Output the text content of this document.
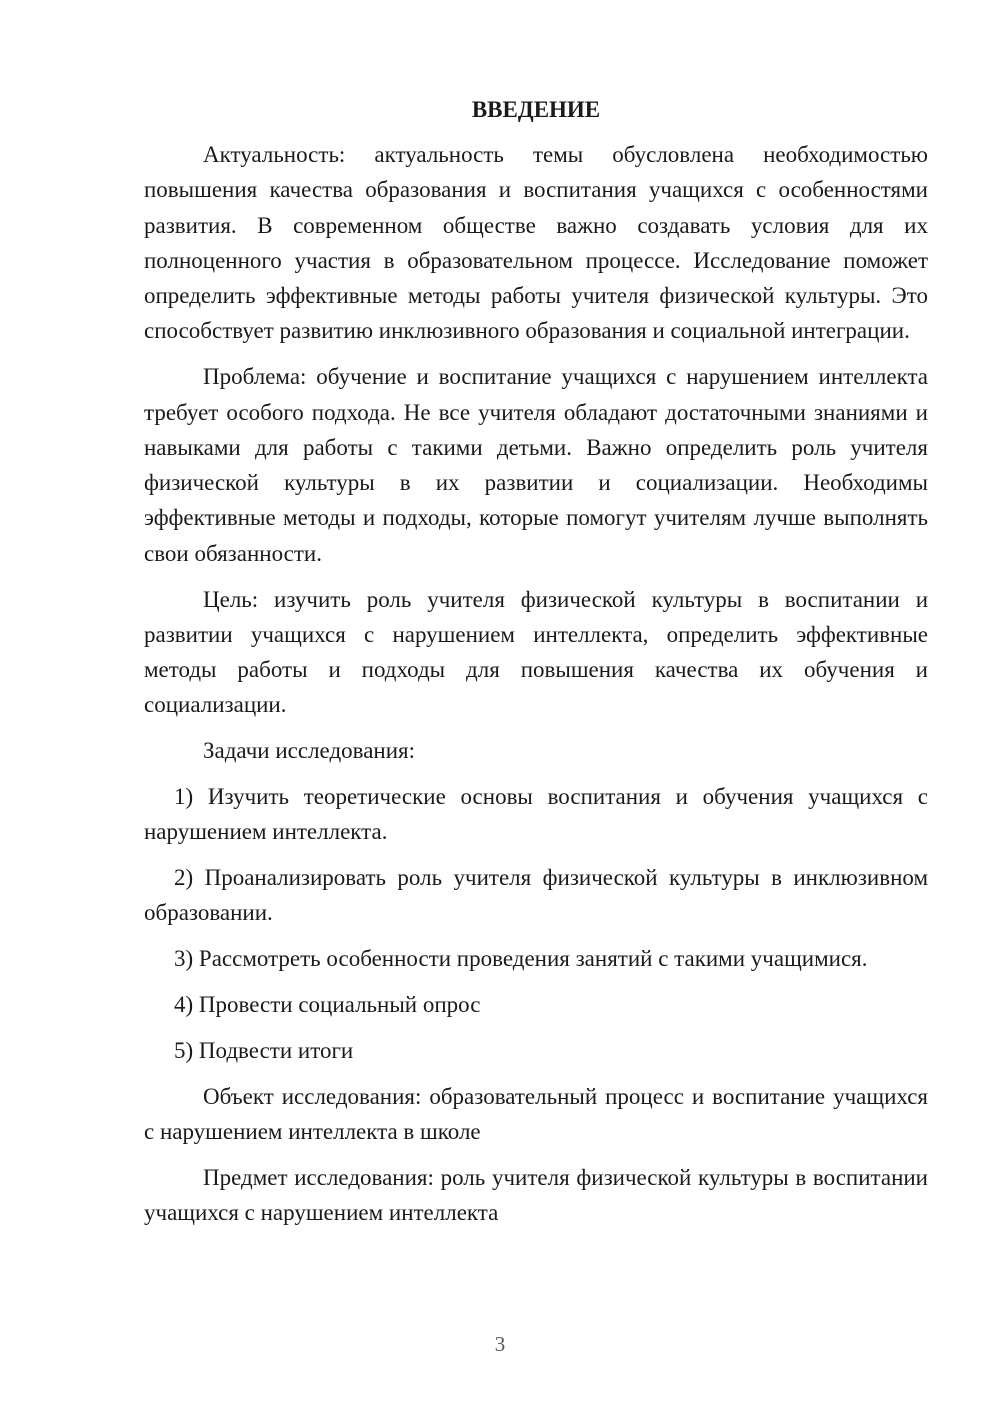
ВВЕДЕНИЕ

Актуальность: актуальность темы обусловлена необходимостью повышения качества образования и воспитания учащихся с особенностями развития. В современном обществе важно создавать условия для их полноценного участия в образовательном процессе. Исследование поможет определить эффективные методы работы учителя физической культуры. Это способствует развитию инклюзивного образования и социальной интеграции.

Проблема: обучение и воспитание учащихся с нарушением интеллекта требует особого подхода. Не все учителя обладают достаточными знаниями и навыками для работы с такими детьми. Важно определить роль учителя физической культуры в их развитии и социализации. Необходимы эффективные методы и подходы, которые помогут учителям лучше выполнять свои обязанности.

Цель: изучить роль учителя физической культуры в воспитании и развитии учащихся с нарушением интеллекта, определить эффективные методы работы и подходы для повышения качества их обучения и социализации.

Задачи исследования:

1) Изучить теоретические основы воспитания и обучения учащихся с нарушением интеллекта.

2) Проанализировать роль учителя физической культуры в инклюзивном образовании.

3) Рассмотреть особенности проведения занятий с такими учащимися.

4) Провести социальный опрос

5) Подвести итоги

Объект исследования: образовательный процесс и воспитание учащихся с нарушением интеллекта в школе

Предмет исследования: роль учителя физической культуры в воспитании учащихся с нарушением интеллекта

3
